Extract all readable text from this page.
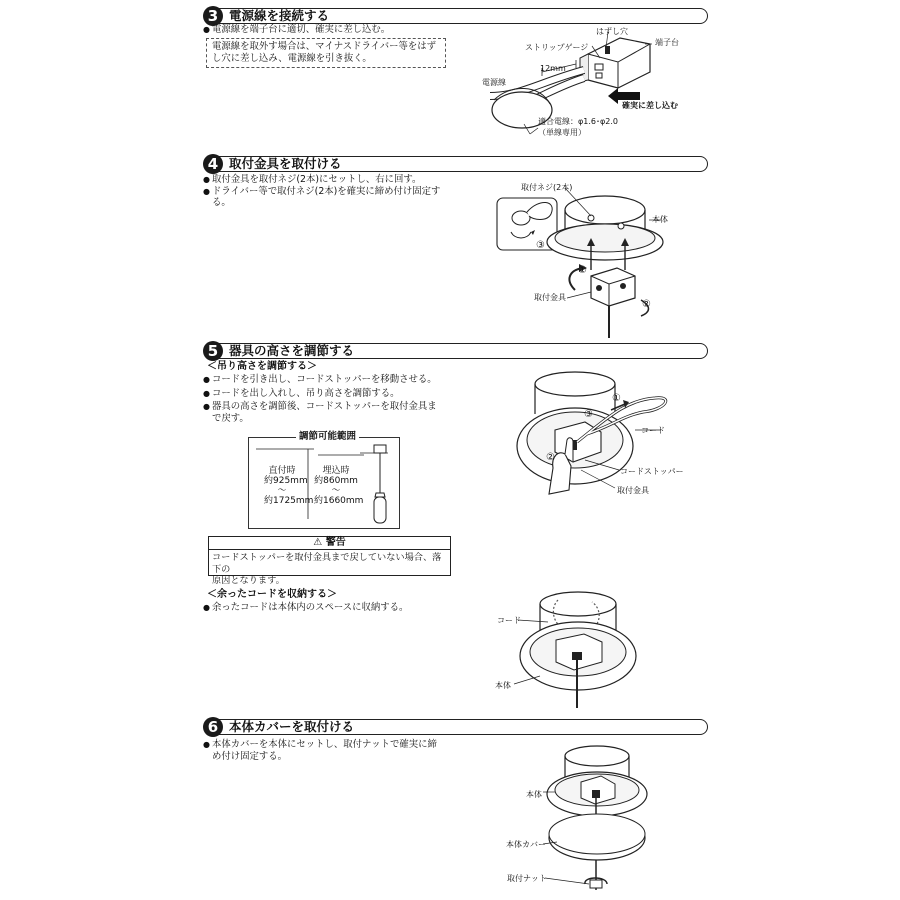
3 電源線を接続する
● 電源線を端子台に適切、確実に差し込む。
電源線を取外す場合は、マイナスドライバー等をはず
し穴に差し込み、電源線を引き抜く。
はずし穴
ストリップゲージ
端子台
12mm
電源線
確実に差し込む
適合電線：φ1.6･φ2.0
（単線専用）
4 取付金具を取付ける
● 取付金具を取付ネジ(2本)にセットし、右に回す。
● ドライバー等で取付ネジ(2本)を確実に締め付け固定す
る。
取付ネジ(2本)
本体
取付金具
③
②
①
5 器具の高さを調節する
＜吊り高さを調節する＞
● コードを引き出し、コードストッパーを移動させる。
● コードを出し入れし、吊り高さを調節する。
● 器具の高さを調節後、コードストッパーを取付金具ま
で戻す。
調節可能範囲
直付時
約925mm
～
約1725mm
埋込時
約860mm
～
約1660mm
⚠ 警告
コードストッパーを取付金具まで戻していない場合、落下の
原因となります。
コード
コードストッパー
取付金具
①
②
③
＜余ったコードを収納する＞
● 余ったコードは本体内のスペースに収納する。
コード
本体
6 本体カバーを取付ける
● 本体カバーを本体にセットし、取付ナットで確実に締
め付け固定する。
本体
本体カバー
取付ナット
